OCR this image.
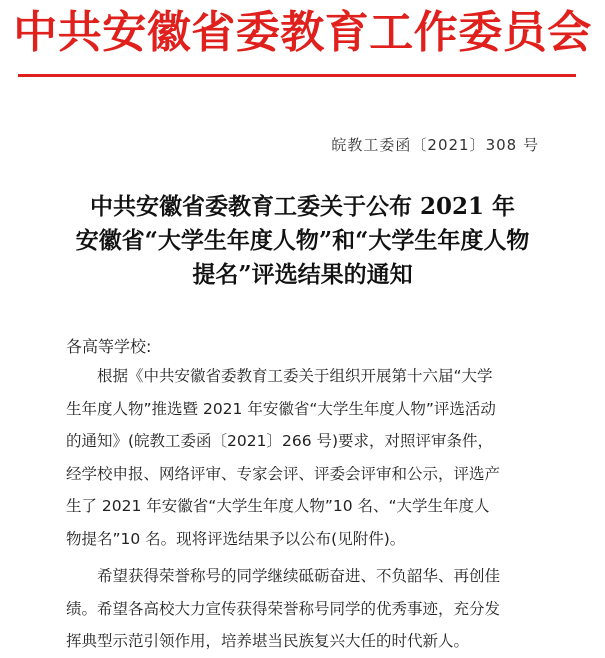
中共安徽省委教育工作委员会
皖教工委函〔2021〕308 号
中共安徽省委教育工委关于公布 2021 年
安徽省“大学生年度人物”和“大学生年度人物
提名”评选结果的通知
各高等学校:
根据《中共安徽省委教育工委关于组织开展第十六届“大学
生年度人物”推选暨 2021 年安徽省“大学生年度人物”评选活动
的通知》(皖教工委函〔2021〕266 号)要求，对照评审条件，
经学校申报、网络评审、专家会评、评委会评审和公示，评选产
生了 2021 年安徽省“大学生年度人物”10 名、“大学生年度人
物提名”10 名。现将评选结果予以公布(见附件)。
希望获得荣誉称号的同学继续砥砺奋进、不负韶华、再创佳
绩。希望各高校大力宣传获得荣誉称号同学的优秀事迹，充分发
挥典型示范引领作用，培养堪当民族复兴大任的时代新人。
